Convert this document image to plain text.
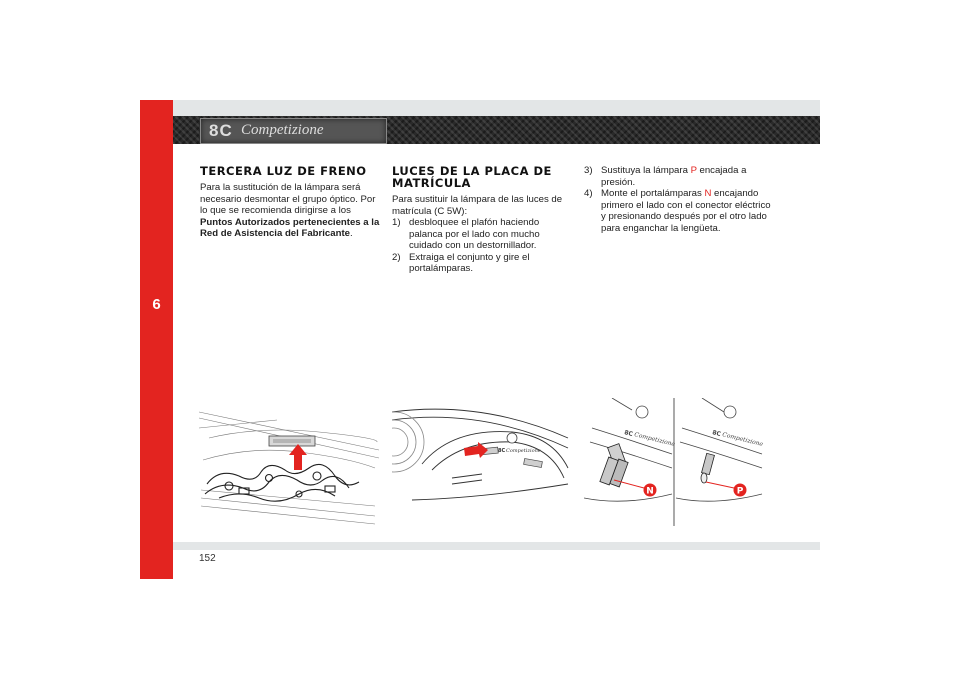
6
8C Competizione
TERCERA LUZ DE FRENO
Para la sustitución de la lámpara será necesario desmontar el grupo óptico. Por lo que se recomienda dirigirse a los Puntos Autorizados pertenecientes a la Red de Asistencia del Fabricante.
LUCES DE LA PLACA DE
MATRÍCULA
Para sustituir la lámpara de las luces de matrícula (C 5W):
1) desbloquee el plafón haciendo palanca por el lado con mucho cuidado con un destornillador.
2) Extraiga el conjunto y gire el portalámparas.
3) Sustituya la lámpara P encajada a presión.
4) Monte el portalámparas N encajando primero el lado con el conector eléctrico y presionando después por el otro lado para enganchar la lengüeta.
8C Competizione
8C Competizione	8C Competizione
N	P
152
